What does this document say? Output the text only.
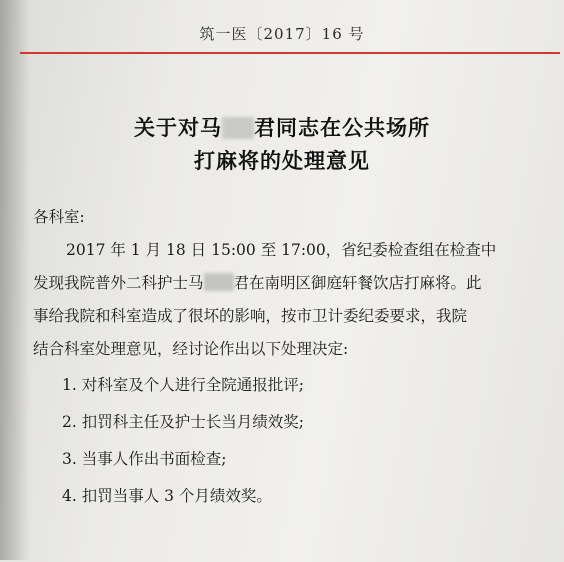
筑一医〔2017〕16 号
关于对马 君同志在公共场所
打麻将的处理意见
各科室:
2017 年 1 月 18 日 15:00 至 17:00，省纪委检查组在检查中
发现我院普外二科护士马 君在南明区御庭轩餐饮店打麻将。此
事给我院和科室造成了很坏的影响，按市卫计委纪委要求，我院
结合科室处理意见，经讨论作出以下处理决定:
1. 对科室及个人进行全院通报批评;
2. 扣罚科主任及护士长当月绩效奖;
3. 当事人作出书面检查;
4. 扣罚当事人 3 个月绩效奖。
